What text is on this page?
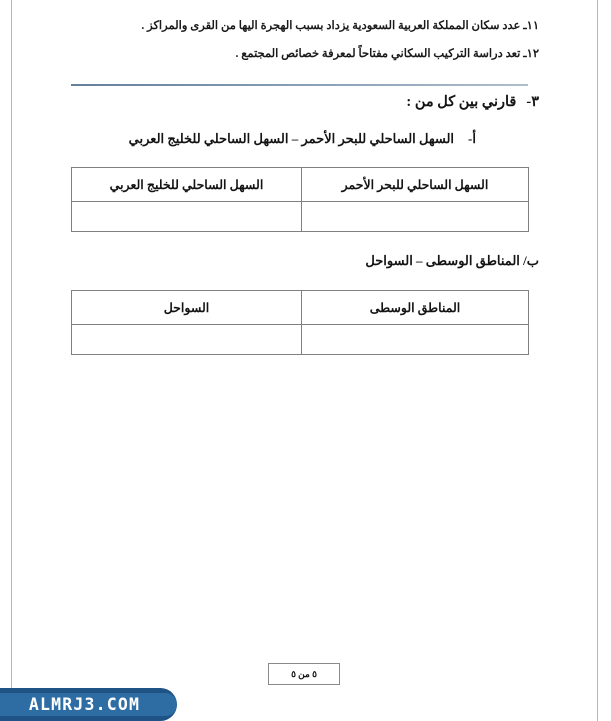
١١ـ عدد سكان المملكة العربية السعودية يزداد بسبب الهجرة اليها من القرى والمراكز .
١٢ـ تعد دراسة التركيب السكاني مفتاحاً لمعرفة خصائص المجتمع .
٣-قارني بين كل من :
أ-السهل الساحلي للبحر الأحمر – السهل الساحلي للخليج العربي
السهل الساحلي للبحر الأحمر	السهل الساحلي للخليج العربي

ب/ المناطق الوسطى – السواحل
المناطق الوسطى	السواحل

٥ من ٥
ALMRJ3.COM
